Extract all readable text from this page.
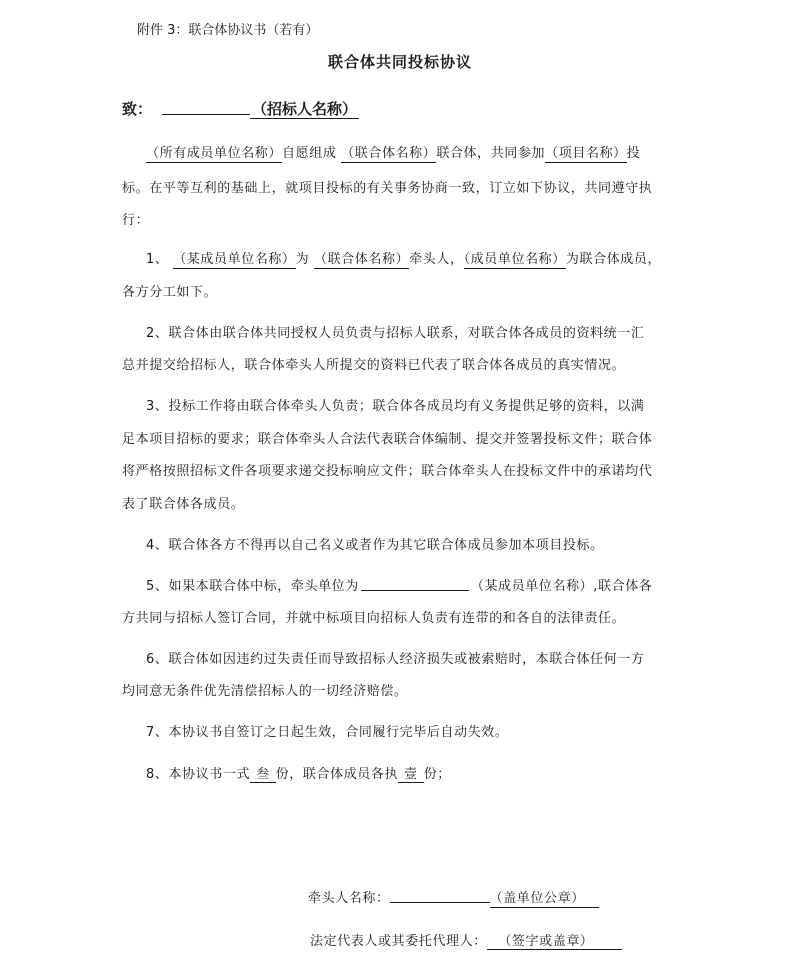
附件 3：联合体协议书（若有）
联合体共同投标协议
致：	（招标人名称）
（所有成员单位名称）自愿组成 （联合体名称）联合体，共同参加（项目名称）投
标。在平等互利的基础上，就项目投标的有关事务协商一致，订立如下协议，共同遵守执
行：
1、 （某成员单位名称）为 （联合体名称）牵头人，（成员单位名称）为联合体成员，
各方分工如下。
2、联合体由联合体共同授权人员负责与招标人联系，对联合体各成员的资料统一汇
总并提交给招标人，联合体牵头人所提交的资料已代表了联合体各成员的真实情况。
3、投标工作将由联合体牵头人负责；联合体各成员均有义务提供足够的资料，以满
足本项目招标的要求；联合体牵头人合法代表联合体编制、提交并签署投标文件；联合体
将严格按照招标文件各项要求递交投标响应文件；联合体牵头人在投标文件中的承诺均代
表了联合体各成员。
4、联合体各方不得再以自己名义或者作为其它联合体成员参加本项目投标。
5、如果本联合体中标，牵头单位为	（某成员单位名称）,联合体各
方共同与招标人签订合同，并就中标项目向招标人负责有连带的和各自的法律责任。
6、联合体如因违约过失责任而导致招标人经济损失或被索赔时，本联合体任何一方
均同意无条件优先清偿招标人的一切经济赔偿。
7、本协议书自签订之日起生效，合同履行完毕后自动失效。
8、本协议书一式 叁 份，联合体成员各执 壹 份；
牵头人名称：	（盖单位公章）
法定代表人或其委托代理人： （签字或盖章）
